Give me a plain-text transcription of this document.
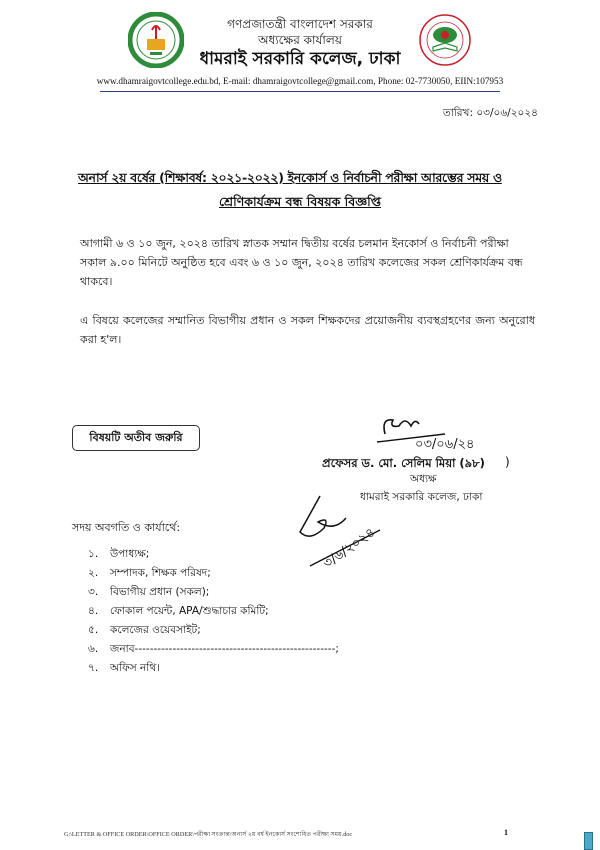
গণপ্রজাতন্ত্রী বাংলাদেশ সরকার
অধ্যক্ষের কার্যালয়
ধামরাই সরকারি কলেজ, ঢাকা
www.dhamraigovtcollege.edu.bd, E-mail: dhamraigovtcollege@gmail.com, Phone: 02-7730050, EIIN:107953
তারিখ: ০৩/০৬/২০২৪
অনার্স ২য় বর্ষের (শিক্ষাবর্ষ: ২০২১-২০২২) ইনকোর্স ও নির্বাচনী পরীক্ষা আরম্ভের সময় ও
শ্রেণিকার্যক্রম বন্ধ বিষয়ক বিজ্ঞপ্তি
আগামী ৬ ও ১০ জুন, ২০২৪ তারিখ স্নাতক সম্মান দ্বিতীয় বর্ষের চলমান ইনকোর্স ও নির্বাচনী পরীক্ষা সকাল ৯.০০ মিনিটে অনুষ্ঠিত হবে এবং ৬ ও ১০ জুন, ২০২৪ তারিখ কলেজের সকল শ্রেণিকার্যক্রম বন্ধ থাকবে।
এ বিষয়ে কলেজের সম্মানিত বিভাগীয় প্রধান ও সকল শিক্ষকদের প্রয়োজনীয় ব্যবস্থগ্রহণের জন্য অনুরোধ করা হ'ল।
বিষয়টি অতীব জরুরি	০৩/০৬/২৪
প্রফেসর ড. মো. সেলিম মিয়া (৯৮) )
অধ্যক্ষ
ধামরাই সরকারি কলেজ, ঢাকা
৩/৬/২০২৪
সদয় অবগতি ও কার্যার্থে:
১. উপাধ্যক্ষ;
২. সম্পাদক, শিক্ষক পরিষদ;
৩. বিভাগীয় প্রধান (সকল);
৪. ফোকাল পয়েন্ট, APA/শুদ্ধাচার কমিটি;
৫. কলেজের ওয়েবসাইট;
৬. জনাব-----------------------------------------------------;
৭. অফিস নথি।
G:\LETTER & OFFICE ORDER\OFFICE ORDER\পরীক্ষা সংক্রান্ত\অনার্স ২য় বর্ষ ইনকোর্স সংশোধিত পরীক্ষা সময়.doc	1
